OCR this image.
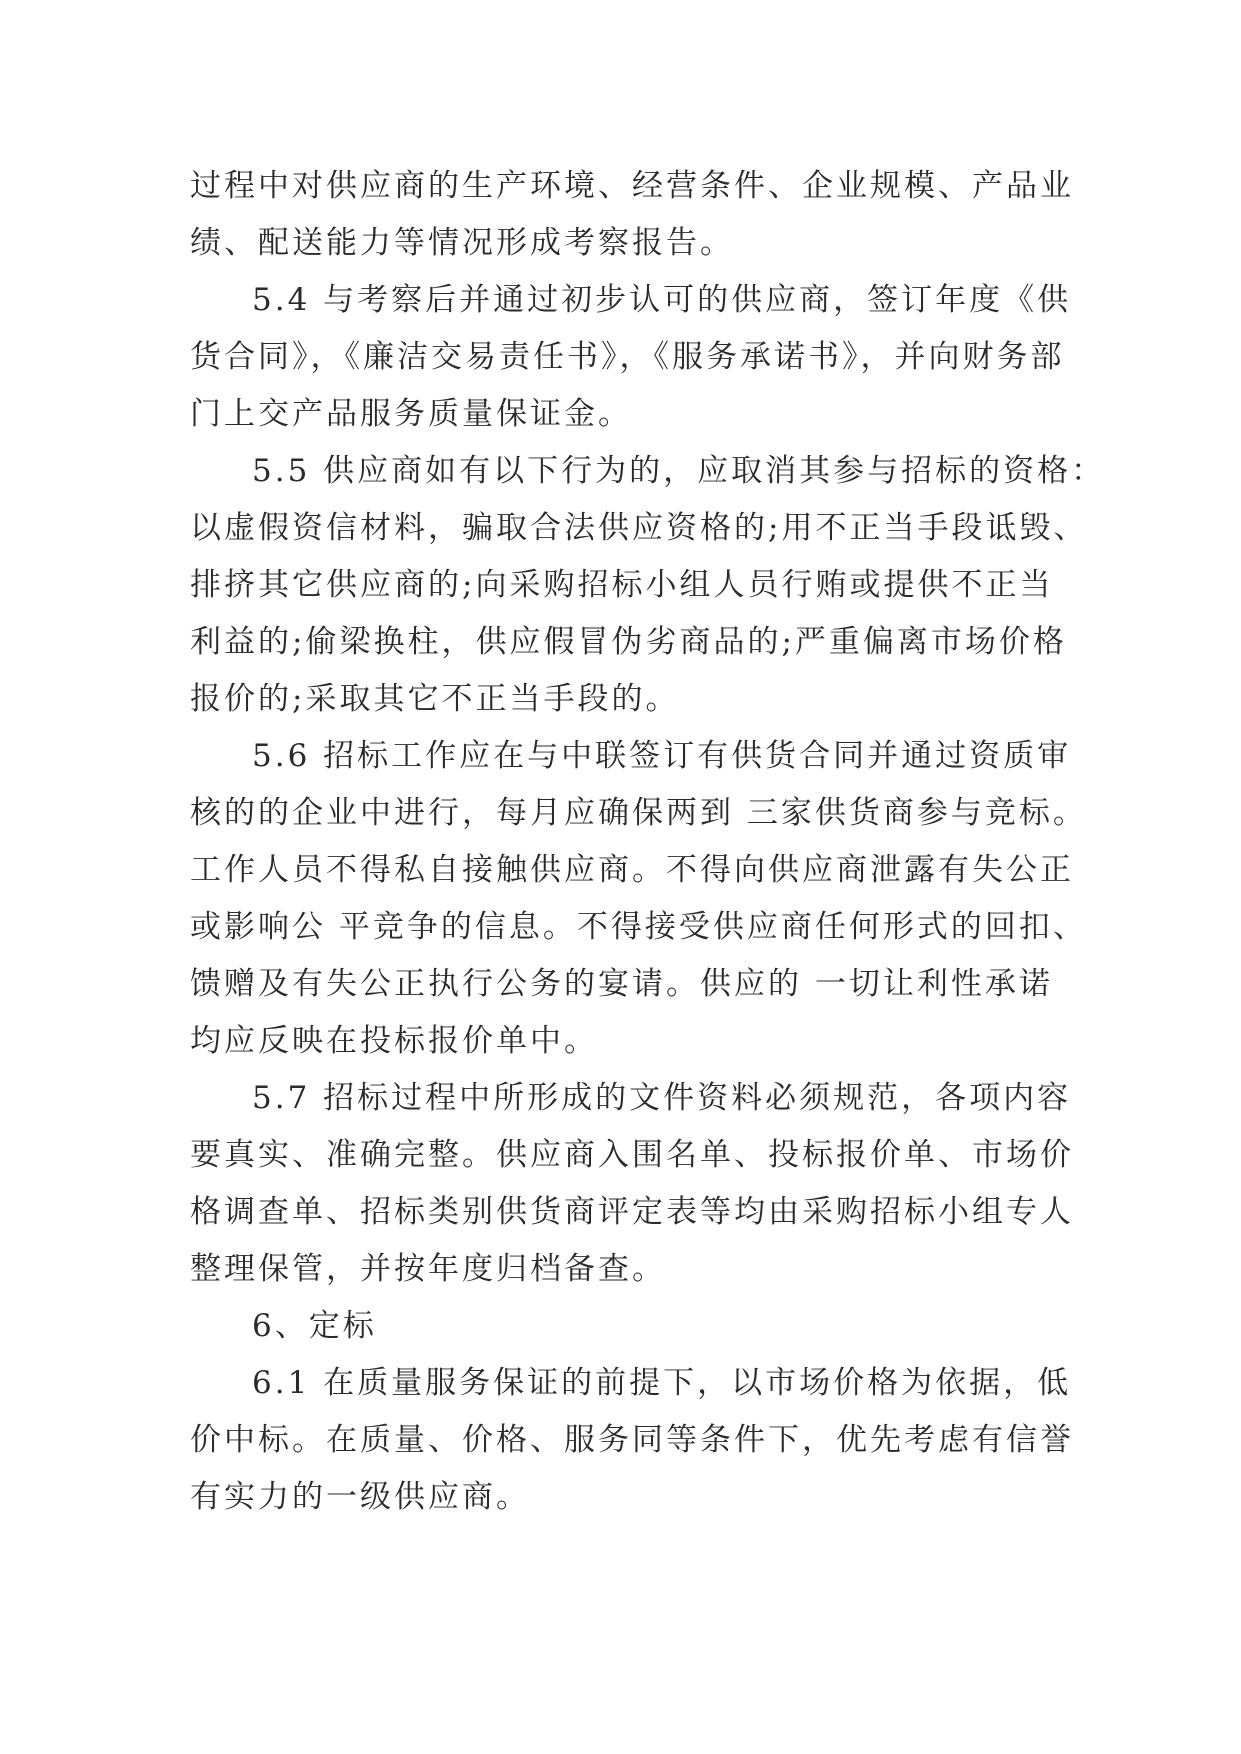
过程中对供应商的生产环境、经营条件、企业规模、产品业
绩、配送能力等情况形成考察报告。
5.4 与考察后并通过初步认可的供应商，签订年度《供
货合同》，《廉洁交易责任书》，《服务承诺书》，并向财务部
门上交产品服务质量保证金。
5.5 供应商如有以下行为的，应取消其参与招标的资格：
以虚假资信材料，骗取合法供应资格的;用不正当手段诋毁、
排挤其它供应商的;向采购招标小组人员行贿或提供不正当
利益的;偷梁换柱，供应假冒伪劣商品的;严重偏离市场价格
报价的;采取其它不正当手段的。
5.6 招标工作应在与中联签订有供货合同并通过资质审
核的的企业中进行，每月应确保两到 三家供货商参与竞标。
工作人员不得私自接触供应商。不得向供应商泄露有失公正
或影响公 平竞争的信息。不得接受供应商任何形式的回扣、
馈赠及有失公正执行公务的宴请。供应的 一切让利性承诺
均应反映在投标报价单中。
5.7 招标过程中所形成的文件资料必须规范，各项内容
要真实、准确完整。供应商入围名单、投标报价单、市场价
格调查单、招标类别供货商评定表等均由采购招标小组专人
整理保管，并按年度归档备查。
6、定标
6.1 在质量服务保证的前提下，以市场价格为依据，低
价中标。在质量、价格、服务同等条件下，优先考虑有信誉
有实力的一级供应商。
